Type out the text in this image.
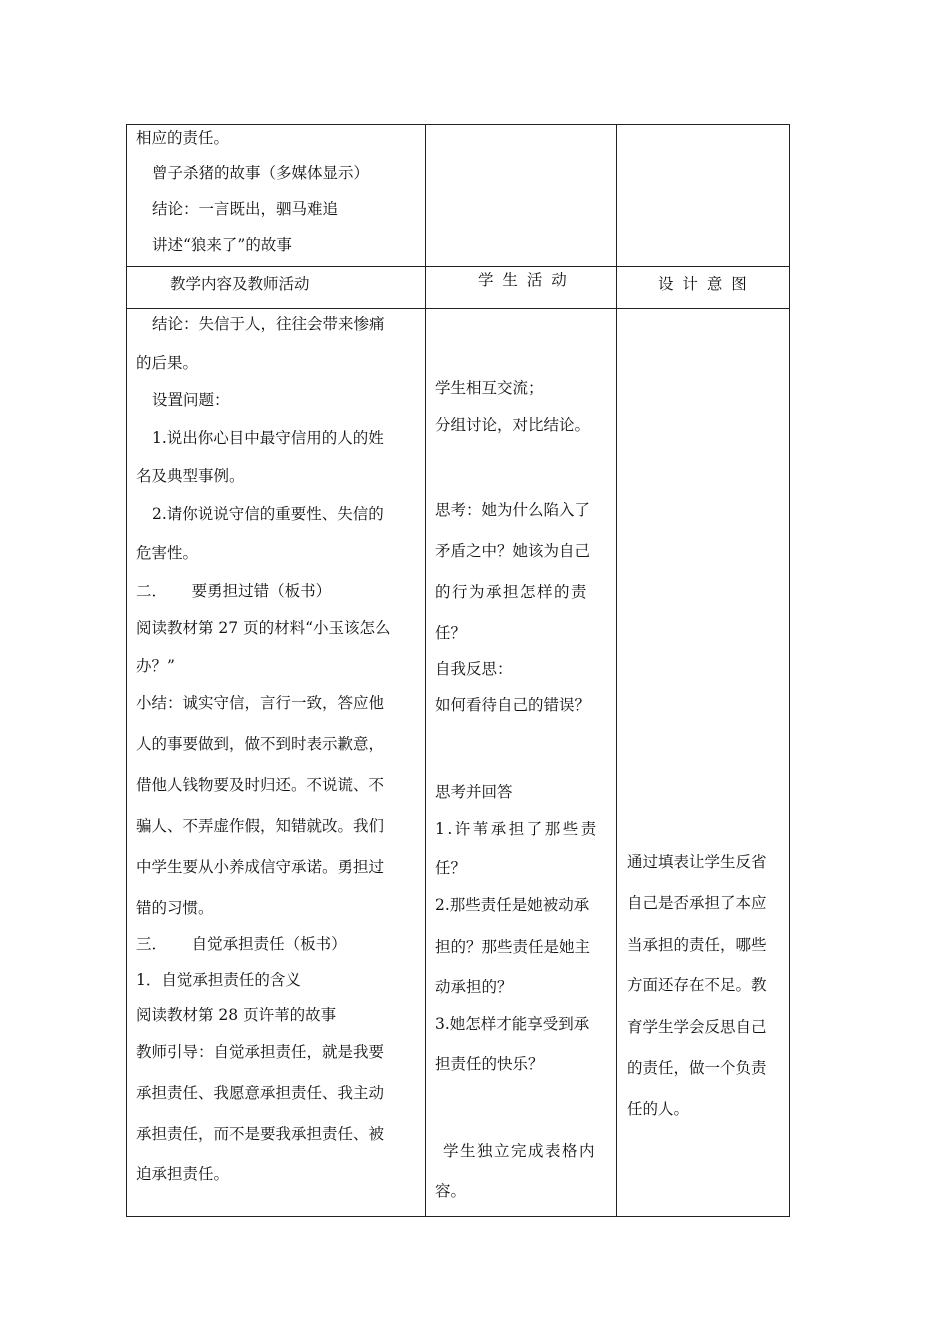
相应的责任。
曾子杀猪的故事（多媒体显示）
结论：一言既出，驷马难追
讲述“狼来了”的故事
教学内容及教师活动	学 生 活 动	设 计 意 图
结论：失信于人，往往会带来惨痛
的后果。
设置问题：
1.说出你心目中最守信用的人的姓
名及典型事例。
2.请你说说守信的重要性、失信的
危害性。
二．     要勇担过错（板书）
阅读教材第 27 页的材料“小玉该怎么
办？”
小结：诚实守信，言行一致，答应他
人的事要做到，做不到时表示歉意，
借他人钱物要及时归还。不说谎、不
骗人、不弄虚作假，知错就改。我们
中学生要从小养成信守承诺。勇担过
错的习惯。
三．     自觉承担责任（板书）
1．自觉承担责任的含义
阅读教材第 28 页许苇的故事
教师引导：自觉承担责任，就是我要
承担责任、我愿意承担责任、我主动
承担责任，而不是要我承担责任、被
迫承担责任。
学生相互交流；
分组讨论，对比结论。
思考：她为什么陷入了
矛盾之中？她该为自己
的行为承担怎样的责
任？
自我反思：
如何看待自己的错误？
思考并回答
1.许苇承担了那些责
任？
2.那些责任是她被动承
担的？那些责任是她主
动承担的？
3.她怎样才能享受到承
担责任的快乐？
学生独立完成表格内
容。
通过填表让学生反省
自己是否承担了本应
当承担的责任，哪些
方面还存在不足。教
育学生学会反思自己
的责任，做一个负责
任的人。
